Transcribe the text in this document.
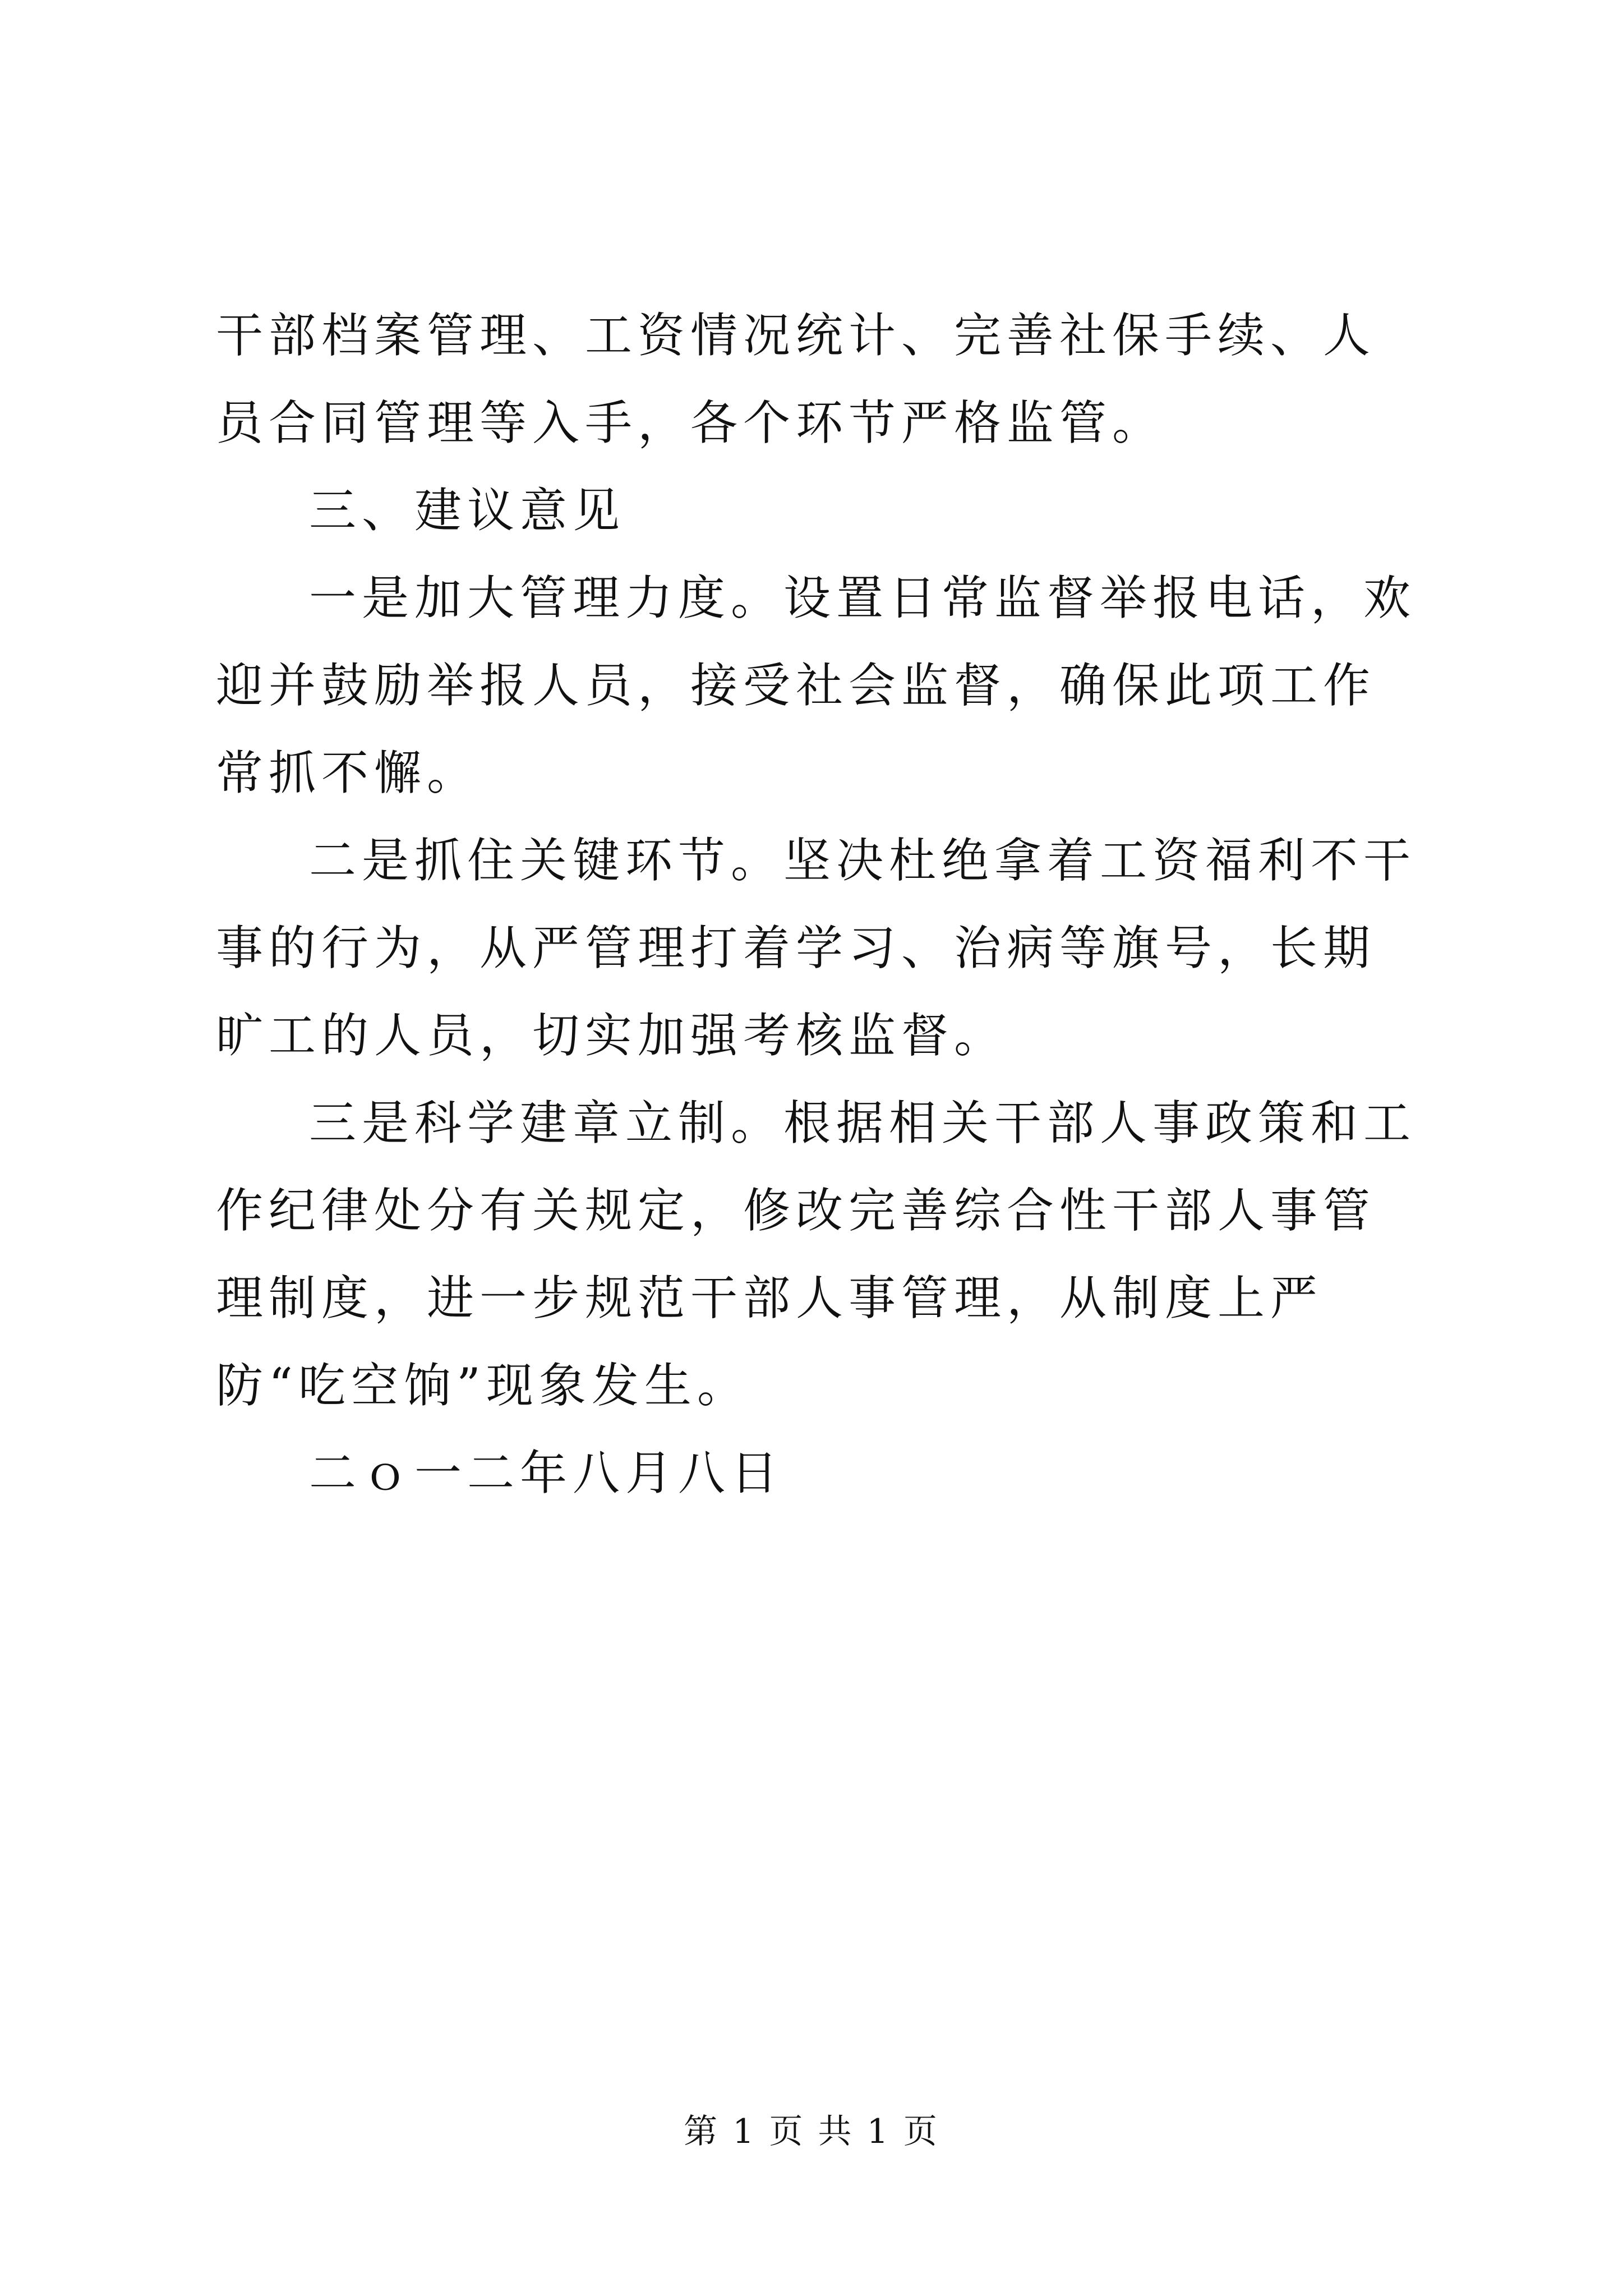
干部档案管理、工资情况统计、完善社保手续、人员合同管理等入手，各个环节严格监管。

三、建议意见

一是加大管理力度。设置日常监督举报电话，欢迎并鼓励举报人员，接受社会监督，确保此项工作常抓不懈。

二是抓住关键环节。坚决杜绝拿着工资福利不干事的行为，从严管理打着学习、治病等旗号，长期旷工的人员，切实加强考核监督。

三是科学建章立制。根据相关干部人事政策和工作纪律处分有关规定，修改完善综合性干部人事管理制度，进一步规范干部人事管理，从制度上严防“吃空饷”现象发生。

二ｏ一二年八月八日

第 1 页 共 1 页
